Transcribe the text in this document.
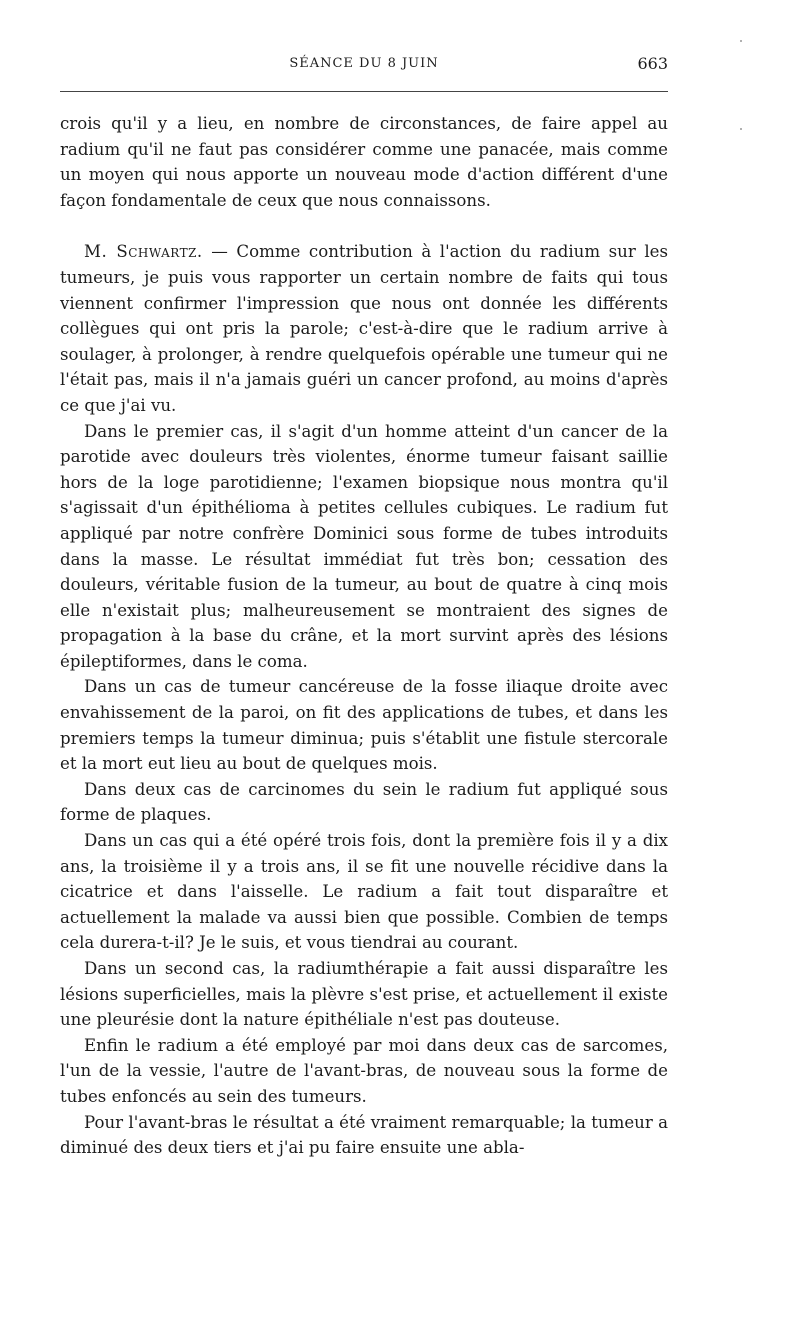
SÉANCE DU 8 JUIN	663

crois qu'il y a lieu, en nombre de circonstances, de faire appel au radium qu'il ne faut pas considérer comme une panacée, mais comme un moyen qui nous apporte un nouveau mode d'action différent d'une façon fondamentale de ceux que nous connaissons.

M. Schwartz. — Comme contribution à l'action du radium sur les tumeurs, je puis vous rapporter un certain nombre de faits qui tous viennent confirmer l'impression que nous ont donnée les différents collègues qui ont pris la parole; c'est-à-dire que le radium arrive à soulager, à prolonger, à rendre quelquefois opérable une tumeur qui ne l'était pas, mais il n'a jamais guéri un cancer profond, au moins d'après ce que j'ai vu.

Dans le premier cas, il s'agit d'un homme atteint d'un cancer de la parotide avec douleurs très violentes, énorme tumeur faisant saillie hors de la loge parotidienne; l'examen biopsique nous montra qu'il s'agissait d'un épithélioma à petites cellules cubiques. Le radium fut appliqué par notre confrère Dominici sous forme de tubes introduits dans la masse. Le résultat immédiat fut très bon; cessation des douleurs, véritable fusion de la tumeur, au bout de quatre à cinq mois elle n'existait plus; malheureusement se montraient des signes de propagation à la base du crâne, et la mort survint après des lésions épileptiformes, dans le coma.

Dans un cas de tumeur cancéreuse de la fosse iliaque droite avec envahissement de la paroi, on fit des applications de tubes, et dans les premiers temps la tumeur diminua; puis s'établit une fistule stercorale et la mort eut lieu au bout de quelques mois.

Dans deux cas de carcinomes du sein le radium fut appliqué sous forme de plaques.

Dans un cas qui a été opéré trois fois, dont la première fois il y a dix ans, la troisième il y a trois ans, il se fit une nouvelle récidive dans la cicatrice et dans l'aisselle. Le radium a fait tout disparaître et actuellement la malade va aussi bien que possible. Combien de temps cela durera-t-il? Je le suis, et vous tiendrai au courant.

Dans un second cas, la radiumthérapie a fait aussi disparaître les lésions superficielles, mais la plèvre s'est prise, et actuellement il existe une pleurésie dont la nature épithéliale n'est pas douteuse.

Enfin le radium a été employé par moi dans deux cas de sarcomes, l'un de la vessie, l'autre de l'avant-bras, de nouveau sous la forme de tubes enfoncés au sein des tumeurs.

Pour l'avant-bras le résultat a été vraiment remarquable; la tumeur a diminué des deux tiers et j'ai pu faire ensuite une abla-
